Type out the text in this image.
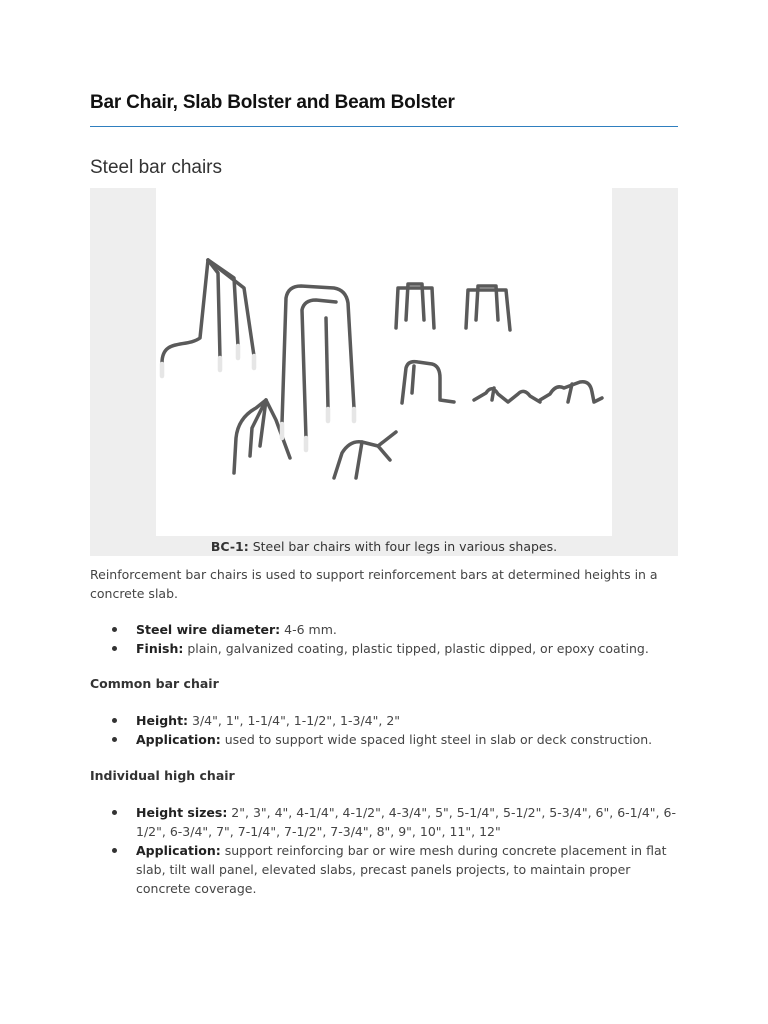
Bar Chair, Slab Bolster and Beam Bolster
Steel bar chairs
BC-1: Steel bar chairs with four legs in various shapes.

Reinforcement bar chairs is used to support reinforcement bars at determined heights in a concrete slab.

Steel wire diameter: 4-6 mm.
Finish: plain, galvanized coating, plastic tipped, plastic dipped, or epoxy coating.
Common bar chair
Height: 3/4", 1", 1-1/4", 1-1/2", 1-3/4", 2"
Application: used to support wide spaced light steel in slab or deck construction.
Individual high chair
Height sizes: 2", 3", 4", 4-1/4", 4-1/2", 4-3/4", 5", 5-1/4", 5-1/2", 5-3/4", 6", 6-1/4", 6-1/2", 6-3/4", 7", 7-1/4", 7-1/2", 7-3/4", 8", 9", 10", 11", 12"
Application: support reinforcing bar or wire mesh during concrete placement in flat slab, tilt wall panel, elevated slabs, precast panels projects, to maintain proper concrete coverage.
